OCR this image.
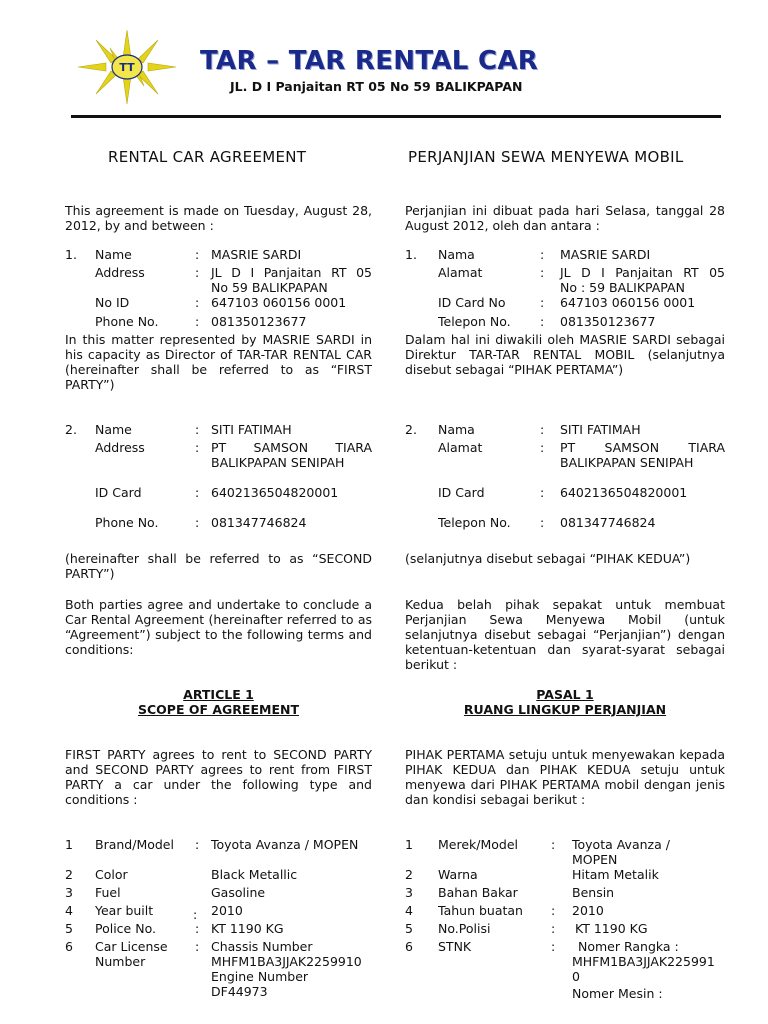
TT	TAR – TAR RENTAL CAR
JL. D I Panjaitan RT 05 No 59 BALIKPAPAN
RENTAL CAR AGREEMENT	PERJANJIAN SEWA MENYEWA MOBIL
This agreement is made on Tuesday, August 28, 2012, by and between :
Perjanjian ini dibuat pada hari Selasa, tanggal 28 August 2012, oleh dan antara :
1. Name	: MASRIE SARDI
Address	: JL D I Panjaitan RT 05
No 59 BALIKPAPAN
No ID	: 647103 060156 0001
Phone No.	: 081350123677
In this matter represented by MASRIE SARDI in his capacity as Director of TAR-TAR RENTAL CAR (hereinafter shall be referred to as “FIRST PARTY”)
1. Nama	: MASRIE SARDI
Alamat	: JL D I Panjaitan RT 05
No : 59 BALIKPAPAN
ID Card No	: 647103 060156 0001
Telepon No. : 081350123677
Dalam hal ini diwakili oleh MASRIE SARDI sebagai Direktur TAR-TAR RENTAL MOBIL (selanjutnya disebut sebagai “PIHAK PERTAMA”)
2. Name	: SITI FATIMAH
Address	: PT SAMSON TIARA
BALIKPAPAN SENIPAH
ID Card	: 6402136504820001
Phone No.	: 081347746824
(hereinafter shall be referred to as “SECOND PARTY”)
2. Nama	: SITI FATIMAH
Alamat	: PT SAMSON TIARA
BALIKPAPAN SENIPAH
ID Card	: 6402136504820001
Telepon No. : 081347746824
(selanjutnya disebut sebagai “PIHAK KEDUA”)
Both parties agree and undertake to conclude a Car Rental Agreement (hereinafter referred to as “Agreement”) subject to the following terms and conditions:
Kedua belah pihak sepakat untuk membuat Perjanjian Sewa Menyewa Mobil (untuk selanjutnya disebut sebagai “Perjanjian”) dengan ketentuan-ketentuan dan syarat-syarat sebagai berikut :
ARTICLE 1
SCOPE OF AGREEMENT
PASAL 1
RUANG LINGKUP PERJANJIAN
FIRST PARTY agrees to rent to SECOND PARTY and SECOND PARTY agrees to rent from FIRST PARTY a car under the following type and conditions :
PIHAK PERTAMA setuju untuk menyewakan kepada PIHAK KEDUA dan PIHAK KEDUA setuju untuk menyewa dari PIHAK PERTAMA mobil dengan jenis dan kondisi sebagai berikut :
1 Brand/Model : Toyota Avanza / MOPEN
2 Color	Black Metallic
3 Fuel	Gasoline
4 Year built	: 2010
5 Police No.	: KT 1190 KG
6 Car License
Number
: Chassis Number
MHFM1BA3JJAK2259910
Engine Number
DF44973
1 Merek/Model	: Toyota Avanza /
MOPEN
2 Warna	Hitam Metalik
3 Bahan Bakar	Bensin
4 Tahun buatan : 2010
5 No.Polisi	: KT 1190 KG
6 STNK	: Nomer Rangka :
MHFM1BA3JJAK225991
0
Nomer Mesin :
